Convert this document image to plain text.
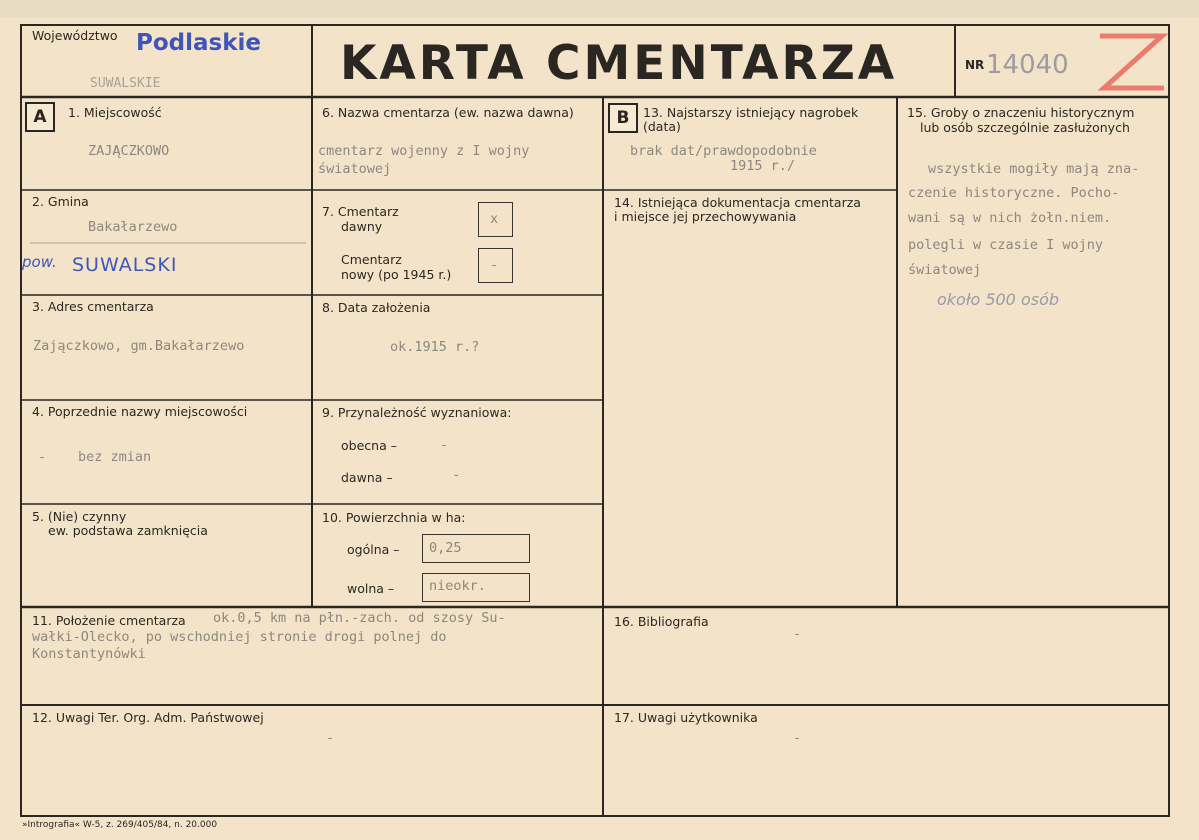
Województwo Podlaskie
SUWALSKIE	KARTA CMENTARZA	NR 14040
A	1. Miejscowość
ZAJĄCZKOWO
2. Gmina
Bakałarzewo
pow. SUWALSKI
3. Adres cmentarza
Zajączkowo, gm.Bakałarzewo
4. Poprzednie nazwy miejscowości
- bez zmian
5. (Nie) czynny
ew. podstawa zamknięcia
6. Nazwa cmentarza (ew. nazwa dawna)
cmentarz wojenny z I wojny
światowej
7. Cmentarz
dawny	x
Cmentarz
nowy (po 1945 r.)
-
8. Data założenia
ok.1915 r.?
9. Przynależność wyznaniowa:
obecna –	-
dawna –	-
10. Powierzchnia w ha:
ogólna – 0,25
wolna –	nieokr.
B	13. Najstarszy istniejący nagrobek
(data)
brak dat/prawdopodobnie
1915 r./
14. Istniejąca dokumentacja cmentarza
i miejsce jej przechowywania
15. Groby o znaczeniu historycznym
lub osób szczególnie zasłużonych
wszystkie mogiły mają zna-
czenie historyczne. Pocho-
wani są w nich żołn.niem.
polegli w czasie I wojny
światowej
około 500 osób
11. Położenie cmentarza ok.0,5 km na płn.-zach. od szosy Su-
wałki-Olecko, po wschodniej stronie drogi polnej do
Konstantynówki
16. Bibliografia
-
12. Uwagi Ter. Org. Adm. Państwowej
-
17. Uwagi użytkownika
-
»Intrografia« W-5, z. 269/405/84, n. 20.000
